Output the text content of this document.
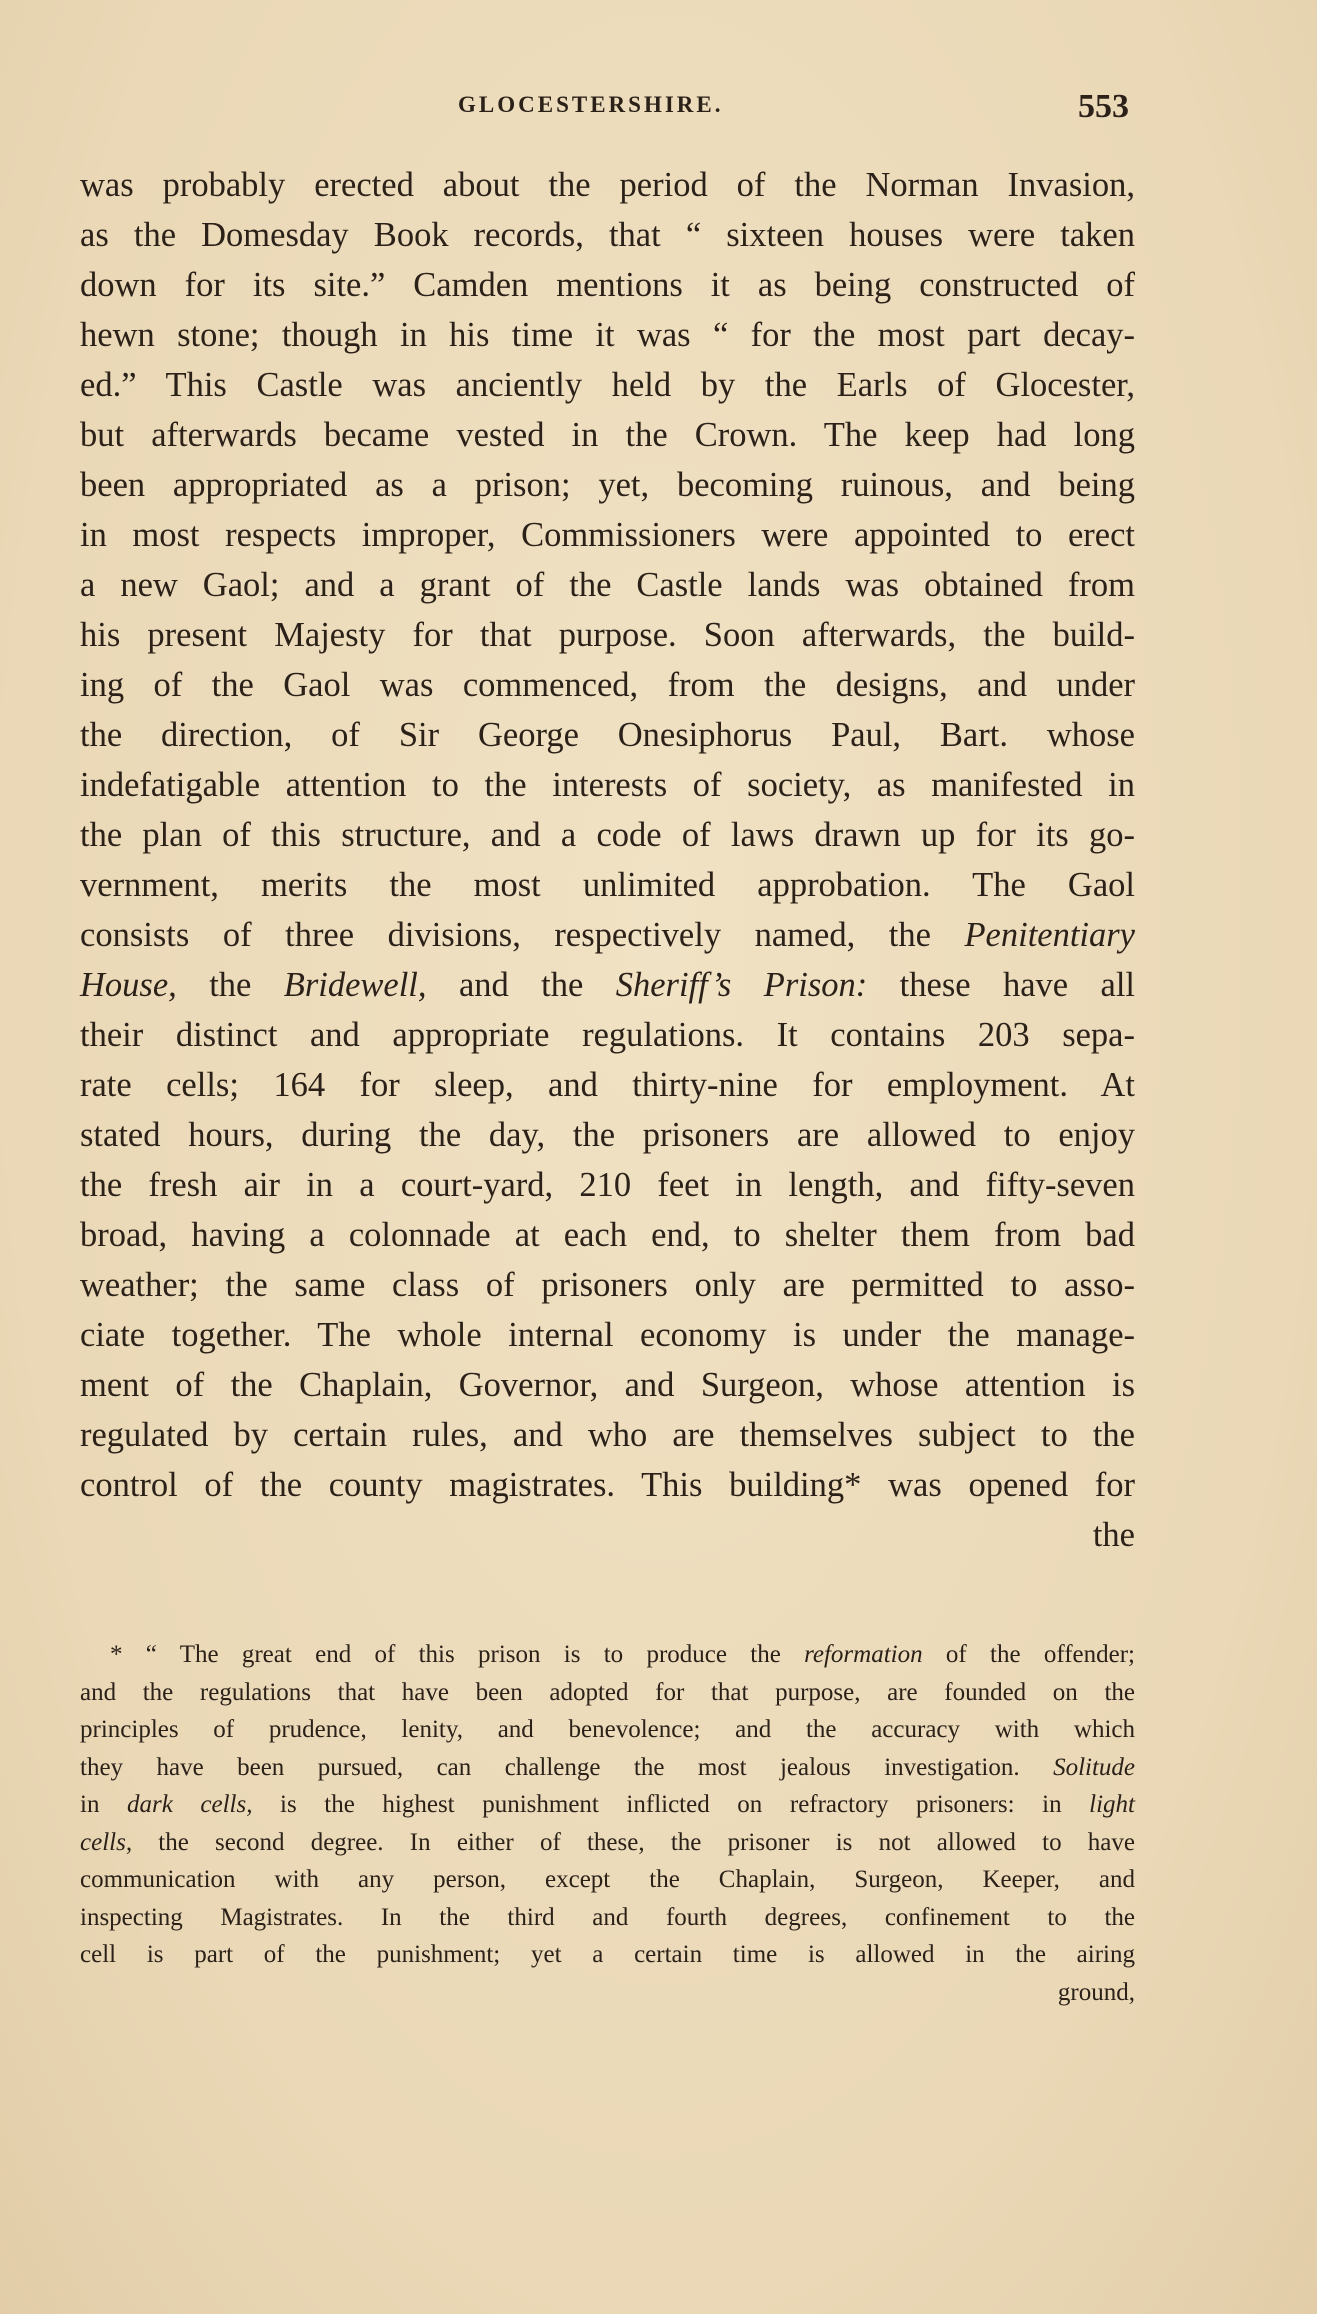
GLOCESTERSHIRE.	553
was probably erected about the period of the Norman Invasion,
as the Domesday Book records, that “ sixteen houses were taken
down for its site.” Camden mentions it as being constructed of
hewn stone; though in his time it was “ for the most part decay-
ed.” This Castle was anciently held by the Earls of Glocester,
but afterwards became vested in the Crown. The keep had long
been appropriated as a prison; yet, becoming ruinous, and being
in most respects improper, Commissioners were appointed to erect
a new Gaol; and a grant of the Castle lands was obtained from
his present Majesty for that purpose. Soon afterwards, the build-
ing of the Gaol was commenced, from the designs, and under
the direction, of Sir George Onesiphorus Paul, Bart. whose
indefatigable attention to the interests of society, as manifested in
the plan of this structure, and a code of laws drawn up for its go-
vernment, merits the most unlimited approbation. The Gaol
consists of three divisions, respectively named, the Penitentiary
House, the Bridewell, and the Sheriff’s Prison: these have all
their distinct and appropriate regulations. It contains 203 sepa-
rate cells; 164 for sleep, and thirty-nine for employment. At
stated hours, during the day, the prisoners are allowed to enjoy
the fresh air in a court-yard, 210 feet in length, and fifty-seven
broad, having a colonnade at each end, to shelter them from bad
weather; the same class of prisoners only are permitted to asso-
ciate together. The whole internal economy is under the manage-
ment of the Chaplain, Governor, and Surgeon, whose attention is
regulated by certain rules, and who are themselves subject to the
control of the county magistrates. This building* was opened for
the
* “ The great end of this prison is to produce the reformation of the offender;
and the regulations that have been adopted for that purpose, are founded on the
principles of prudence, lenity, and benevolence; and the accuracy with which
they have been pursued, can challenge the most jealous investigation. Solitude
in dark cells, is the highest punishment inflicted on refractory prisoners: in light
cells, the second degree. In either of these, the prisoner is not allowed to have
communication with any person, except the Chaplain, Surgeon, Keeper, and
inspecting Magistrates. In the third and fourth degrees, confinement to the
cell is part of the punishment; yet a certain time is allowed in the airing
ground,
